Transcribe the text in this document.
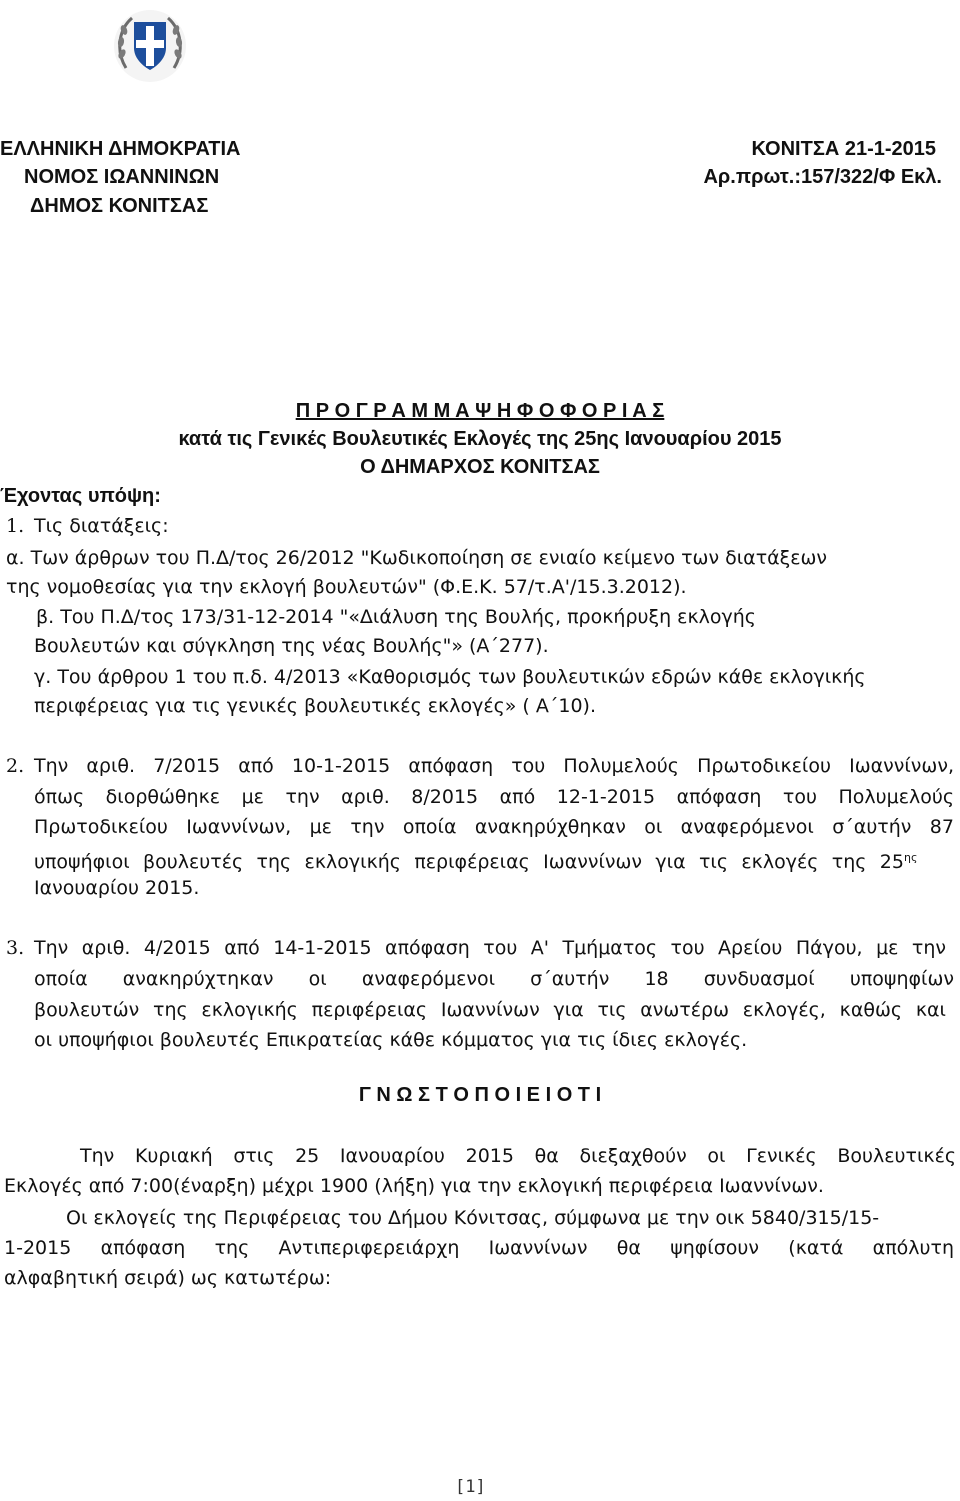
ΕΛΛΗΝΙΚΗ ΔΗΜΟΚΡΑΤΙΑ
ΝΟΜΟΣ ΙΩΑΝΝΙΝΩΝ
ΔΗΜΟΣ ΚΟΝΙΤΣΑΣ
ΚΟΝΙΤΣΑ 21-1-2015
Αρ.πρωτ.:157/322/Φ Εκλ.
Π Ρ Ο Γ Ρ Α Μ Μ Α Ψ Η Φ Ο Φ Ο Ρ Ι Α Σ
κατά τις Γενικές Βουλευτικές Εκλογές της 25ης Ιανουαρίου 2015
Ο ΔΗΜΑΡΧΟΣ ΚΟΝΙΤΣΑΣ
Έχοντας υπόψη:
1. Τις διατάξεις:
α. Των άρθρων του Π.Δ/τος 26/2012 "Κωδικοποίηση σε ενιαίο κείμενο των διατάξεων
της νομοθεσίας για την εκλογή βουλευτών" (Φ.Ε.Κ. 57/τ.Α'/15.3.2012).
β. Του Π.Δ/τος 173/31-12-2014 "«Διάλυση της Βουλής, προκήρυξη εκλογής
Βουλευτών και σύγκληση της νέας Βουλής"» (Α΄277).
γ. Του άρθρου 1 του π.δ. 4/2013 «Καθορισμός των βουλευτικών εδρών κάθε εκλογικής
περιφέρειας για τις γενικές βουλευτικές εκλογές» ( Α΄10).
2. Την αριθ. 7/2015 από 10-1-2015 απόφαση του Πολυμελούς Πρωτοδικείου Ιωαννίνων,
όπως διορθώθηκε με την αριθ. 8/2015 από 12-1-2015 απόφαση του Πολυμελούς
Πρωτοδικείου Ιωαννίνων, με την οποία ανακηρύχθηκαν οι αναφερόμενοι σ΄αυτήν 87
υποψήφιοι βουλευτές της εκλογικής περιφέρειας Ιωαννίνων για τις εκλογές της $25^{\eta\varsigma}$
Ιανουαρίου 2015.
3. Την αριθ. 4/2015 από 14-1-2015 απόφαση του Α' Τμήματος του Αρείου Πάγου, με την
οποία ανακηρύχτηκαν οι αναφερόμενοι σ΄αυτήν 18 συνδυασμοί υποψηφίων
βουλευτών της εκλογικής περιφέρειας Ιωαννίνων για τις ανωτέρω εκλογές, καθώς και
οι υποψήφιοι βουλευτές Επικρατείας κάθε κόμματος για τις ίδιες εκλογές.
Γ Ν Ω Σ Τ Ο Π Ο Ι Ε Ι Ο Τ Ι
Την Κυριακή στις 25 Ιανουαρίου 2015 θα διεξαχθούν οι Γενικές Βουλευτικές
Εκλογές από 7:00(έναρξη) μέχρι 1900 (λήξη) για την εκλογική περιφέρεια Ιωαννίνων.
Οι εκλογείς της Περιφέρειας του Δήμου Κόνιτσας, σύμφωνα με την οικ 5840/315/15-
1-2015 απόφαση της Αντιπεριφερειάρχη Ιωαννίνων θα ψηφίσουν (κατά απόλυτη
αλφαβητική σειρά) ως κατωτέρω:
[1]
